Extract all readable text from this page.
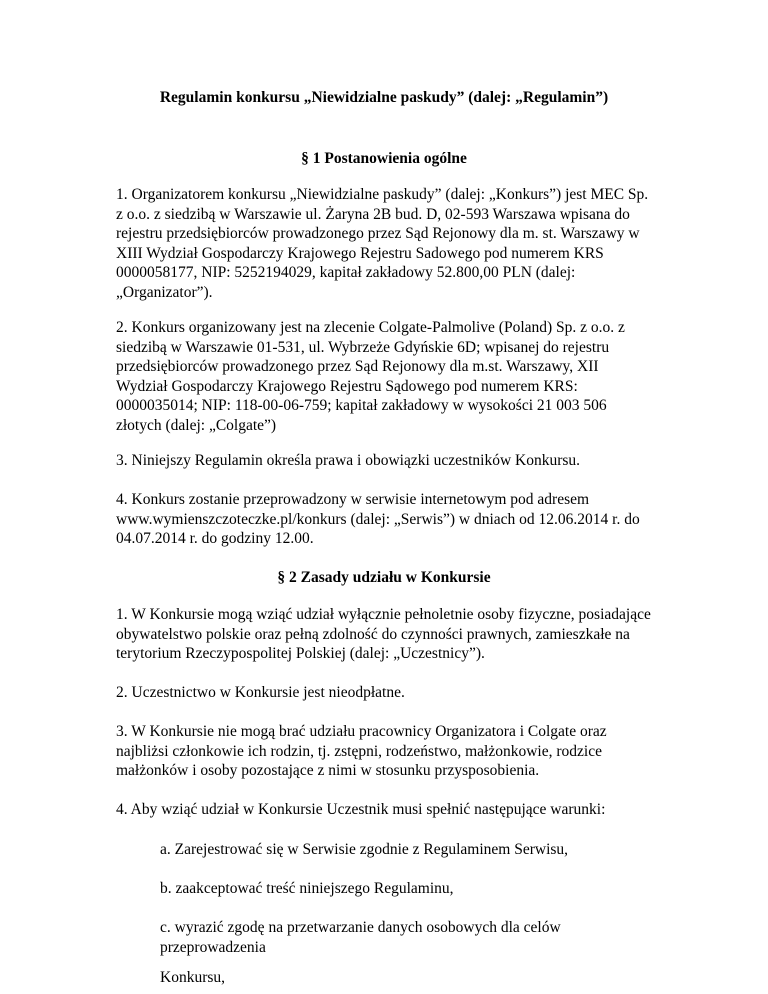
Regulamin konkursu „Niewidzialne paskudy” (dalej: „Regulamin”)
§ 1 Postanowienia ogólne
1. Organizatorem konkursu „Niewidzialne paskudy” (dalej: „Konkurs”) jest MEC Sp.
z o.o. z siedzibą w Warszawie ul. Żaryna 2B bud. D, 02-593 Warszawa wpisana do
rejestru przedsiębiorców prowadzonego przez Sąd Rejonowy dla m. st. Warszawy w
XIII Wydział Gospodarczy Krajowego Rejestru Sadowego pod numerem KRS
0000058177, NIP: 5252194029, kapitał zakładowy 52.800,00 PLN (dalej:
„Organizator”).
2. Konkurs organizowany jest na zlecenie Colgate-Palmolive (Poland) Sp. z o.o. z
siedzibą w Warszawie 01-531, ul. Wybrzeże Gdyńskie 6D; wpisanej do rejestru
przedsiębiorców prowadzonego przez Sąd Rejonowy dla m.st. Warszawy, XII
Wydział Gospodarczy Krajowego Rejestru Sądowego pod numerem KRS:
0000035014; NIP: 118-00-06-759; kapitał zakładowy w wysokości 21 003 506
złotych (dalej: „Colgate”)
3. Niniejszy Regulamin określa prawa i obowiązki uczestników Konkursu.
4. Konkurs zostanie przeprowadzony w serwisie internetowym pod adresem
www.wymienszczoteczke.pl/konkurs (dalej: „Serwis”) w dniach od 12.06.2014 r. do
04.07.2014 r. do godziny 12.00.
§ 2 Zasady udziału w Konkursie
1. W Konkursie mogą wziąć udział wyłącznie pełnoletnie osoby fizyczne, posiadające
obywatelstwo polskie oraz pełną zdolność do czynności prawnych, zamieszkałe na
terytorium Rzeczypospolitej Polskiej (dalej: „Uczestnicy”).
2. Uczestnictwo w Konkursie jest nieodpłatne.
3. W Konkursie nie mogą brać udziału pracownicy Organizatora i Colgate oraz
najbliżsi członkowie ich rodzin, tj. zstępni, rodzeństwo, małżonkowie, rodzice
małżonków i osoby pozostające z nimi w stosunku przysposobienia.
4. Aby wziąć udział w Konkursie Uczestnik musi spełnić następujące warunki:
a. Zarejestrować się w Serwisie zgodnie z Regulaminem Serwisu,
b. zaakceptować treść niniejszego Regulaminu,
c. wyrazić zgodę na przetwarzanie danych osobowych dla celów
przeprowadzenia
Konkursu,
